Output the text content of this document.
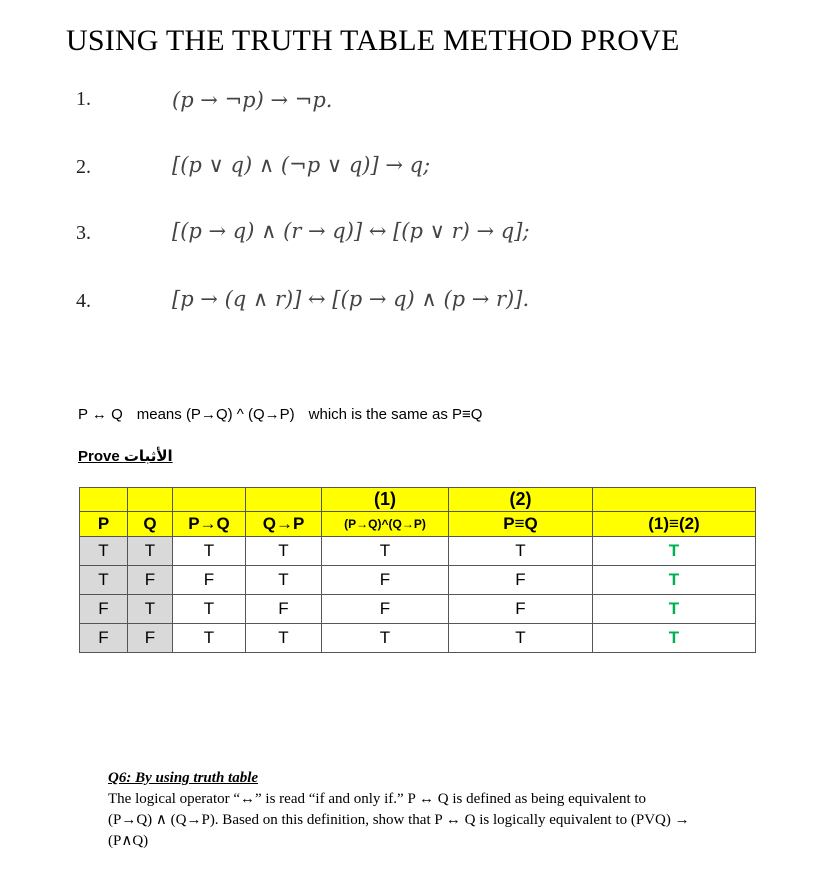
USING THE TRUTH TABLE METHOD PROVE
1.	(p → ¬p) → ¬p.
2.	[(p ∨ q) ∧ (¬p ∨ q)] → q;
3.	[(p → q) ∧ (r → q)] ↔ [(p ∨ r) → q];
4.	[p → (q ∧ r)] ↔ [(p → q) ∧ (p → r)].
P ↔ Q means (P→Q) ^ (Q→P) which is the same as P≡Q
Prove الأثبات
				(1)	(2)	
P	Q	P→Q	Q→P	(P→Q)^(Q→P)	P≡Q	(1)≡(2)
T	T	T	T	T	T	T
T	F	F	T	F	F	T
F	T	T	F	F	F	T
F	F	T	T	T	T	T
Q6: By using truth table
The logical operator “↔” is read “if and only if.” P ↔ Q is defined as being equivalent to
(P→Q) ∧ (Q→P). Based on this definition, show that P ↔ Q is logically equivalent to (PVQ) →
(P∧Q)
